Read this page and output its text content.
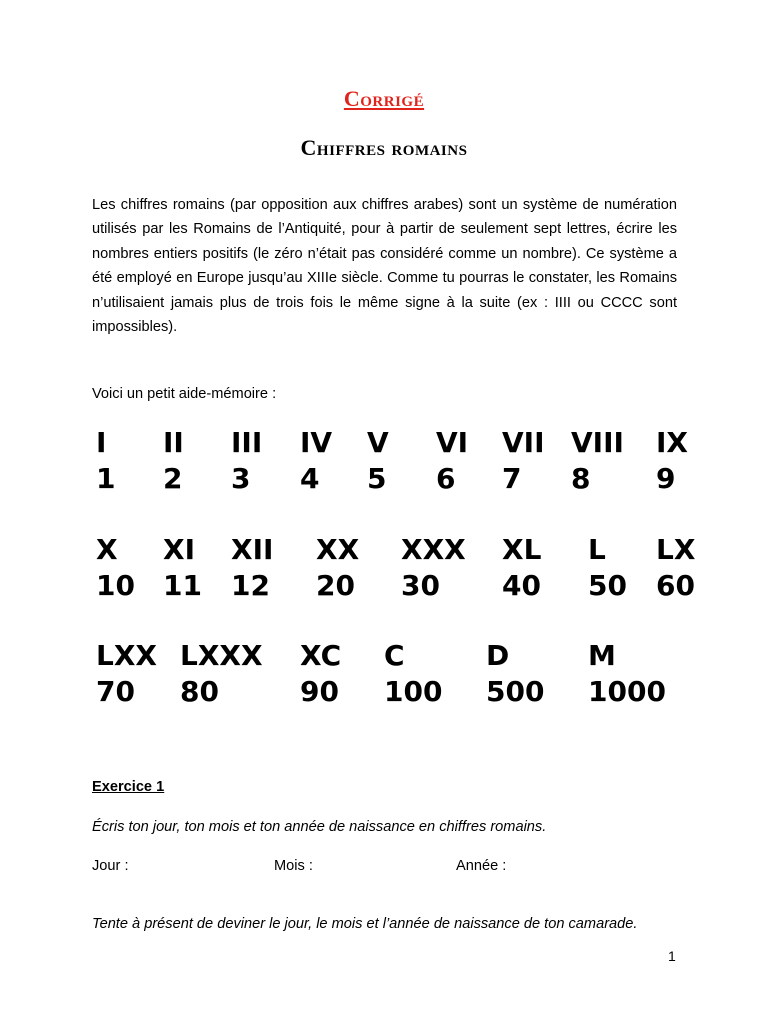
Corrigé
Chiffres romains
Les chiffres romains (par opposition aux chiffres arabes) sont un système de numération utilisés par les Romains de l’Antiquité, pour à partir de seulement sept lettres, écrire les nombres entiers positifs (le zéro n’était pas considéré comme un nombre). Ce système a été employé en Europe jusqu’au XIIIe siècle. Comme tu pourras le constater, les Romains n’utilisaient jamais plus de trois fois le même signe à la suite (ex : IIII ou CCCC sont impossibles).
Voici un petit aide-mémoire :
I
1
II
2
III
3
IV
4
V
5
VI
6
VII
7
VIII
8
IX
9
X
10
XI
11
XII
12
XX
20
XXX
30
XL
40
L
50
LX
60
LXX
70
LXXX
80
XC
90
C
100
D
500
M
1000
Exercice 1
Écris ton jour, ton mois et ton année de naissance en chiffres romains.
Jour :	Mois :	Année :
Tente à présent de deviner le jour, le mois et l’année de naissance de ton camarade.
1
